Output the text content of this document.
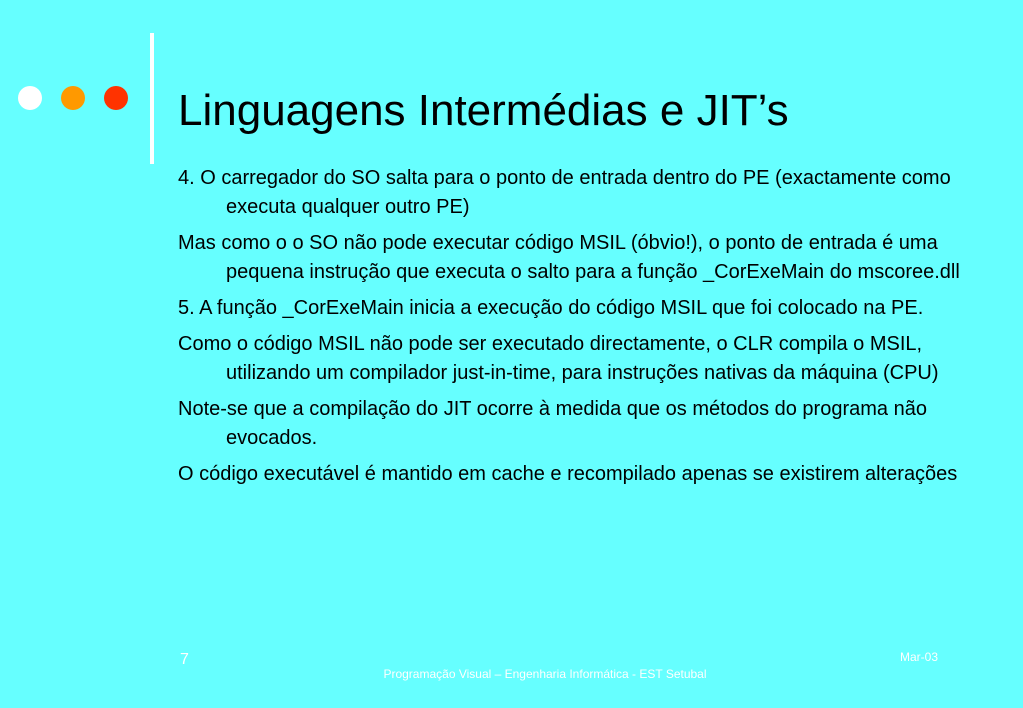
Linguagens Intermédias e JIT’s

4. O carregador do SO salta para o ponto de entrada dentro do PE (exactamente como executa qualquer outro PE)

Mas como o o SO não pode executar código MSIL (óbvio!), o ponto de entrada é uma pequena instrução que executa o salto para a função _CorExeMain do mscoree.dll

5. A função _CorExeMain inicia a execução do código MSIL que foi colocado na PE.

Como o código MSIL não pode ser executado directamente, o CLR compila o MSIL, utilizando um compilador just-in-time, para instruções nativas da máquina (CPU)

Note-se que a compilação do JIT ocorre à medida que os métodos do programa não evocados.

O código executável é mantido em cache e recompilado apenas se existirem alterações

7	Mar-03
Programação Visual – Engenharia Informática - EST Setubal
